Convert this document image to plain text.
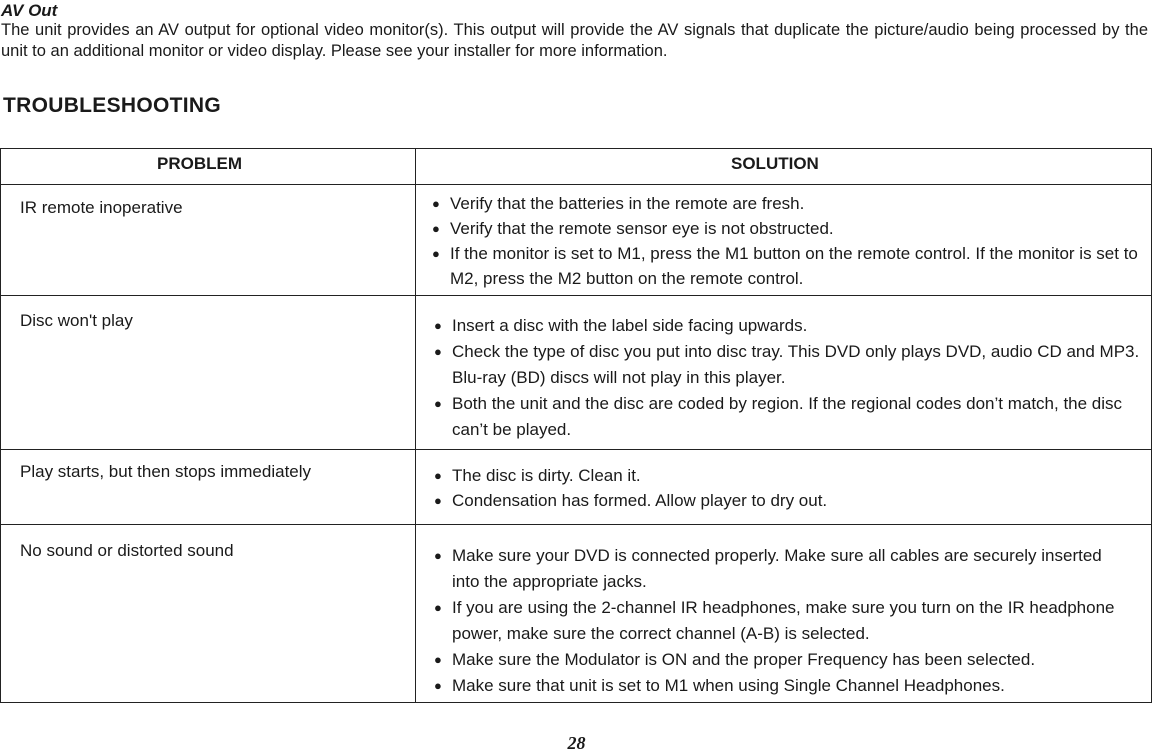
AV Out
The unit provides an AV output for optional video monitor(s). This output will provide the AV signals that duplicate the picture/audio being processed by the unit to an additional monitor or video display. Please see your installer for more information.
TROUBLESHOOTING
PROBLEM	SOLUTION
IR remote inoperative	● Verify that the batteries in the remote are fresh.
● Verify that the remote sensor eye is not obstructed.
● If the monitor is set to M1, press the M1 button on the remote control. If the monitor is set to M2, press the M2 button on the remote control.
Disc won't play	● Insert a disc with the label side facing upwards.
● Check the type of disc you put into disc tray. This DVD only plays DVD, audio CD and MP3. Blu-ray (BD) discs will not play in this player.
● Both the unit and the disc are coded by region. If the regional codes don’t match, the disc can’t be played.
Play starts, but then stops immediately	● The disc is dirty. Clean it.
● Condensation has formed. Allow player to dry out.
No sound or distorted sound	● Make sure your DVD is connected properly. Make sure all cables are securely inserted into the appropriate jacks.
● If you are using the 2-channel IR headphones, make sure you turn on the IR headphone power, make sure the correct channel (A-B) is selected.
● Make sure the Modulator is ON and the proper Frequency has been selected.
● Make sure that unit is set to M1 when using Single Channel Headphones.
28
